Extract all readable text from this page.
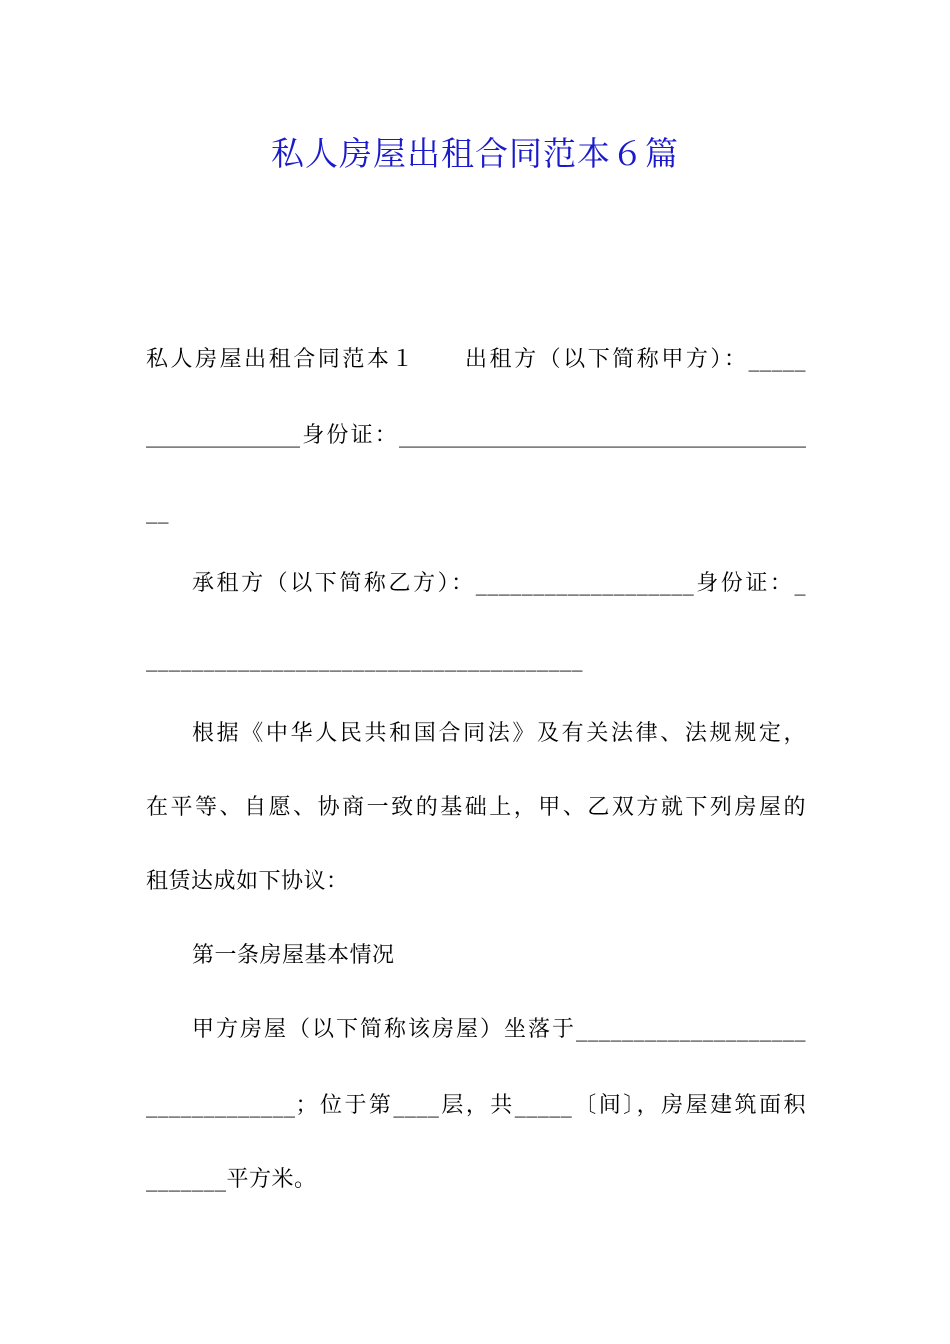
私人房屋出租合同范本６篇
私人房屋出租合同范本１　　出租方（以下简称甲方）：_____
______________身份证：_____________________________________
__
承租方（以下简称乙方）：___________________身份证：_
______________________________________
根据《中华人民共和国合同法》及有关法律、法规规定，
在平等、自愿、协商一致的基础上，甲、乙双方就下列房屋的
租赁达成如下协议：
第一条房屋基本情况
甲方房屋（以下简称该房屋）坐落于____________________
_____________；位于第____层，共_____〔间〕，房屋建筑面积
_______平方米。
